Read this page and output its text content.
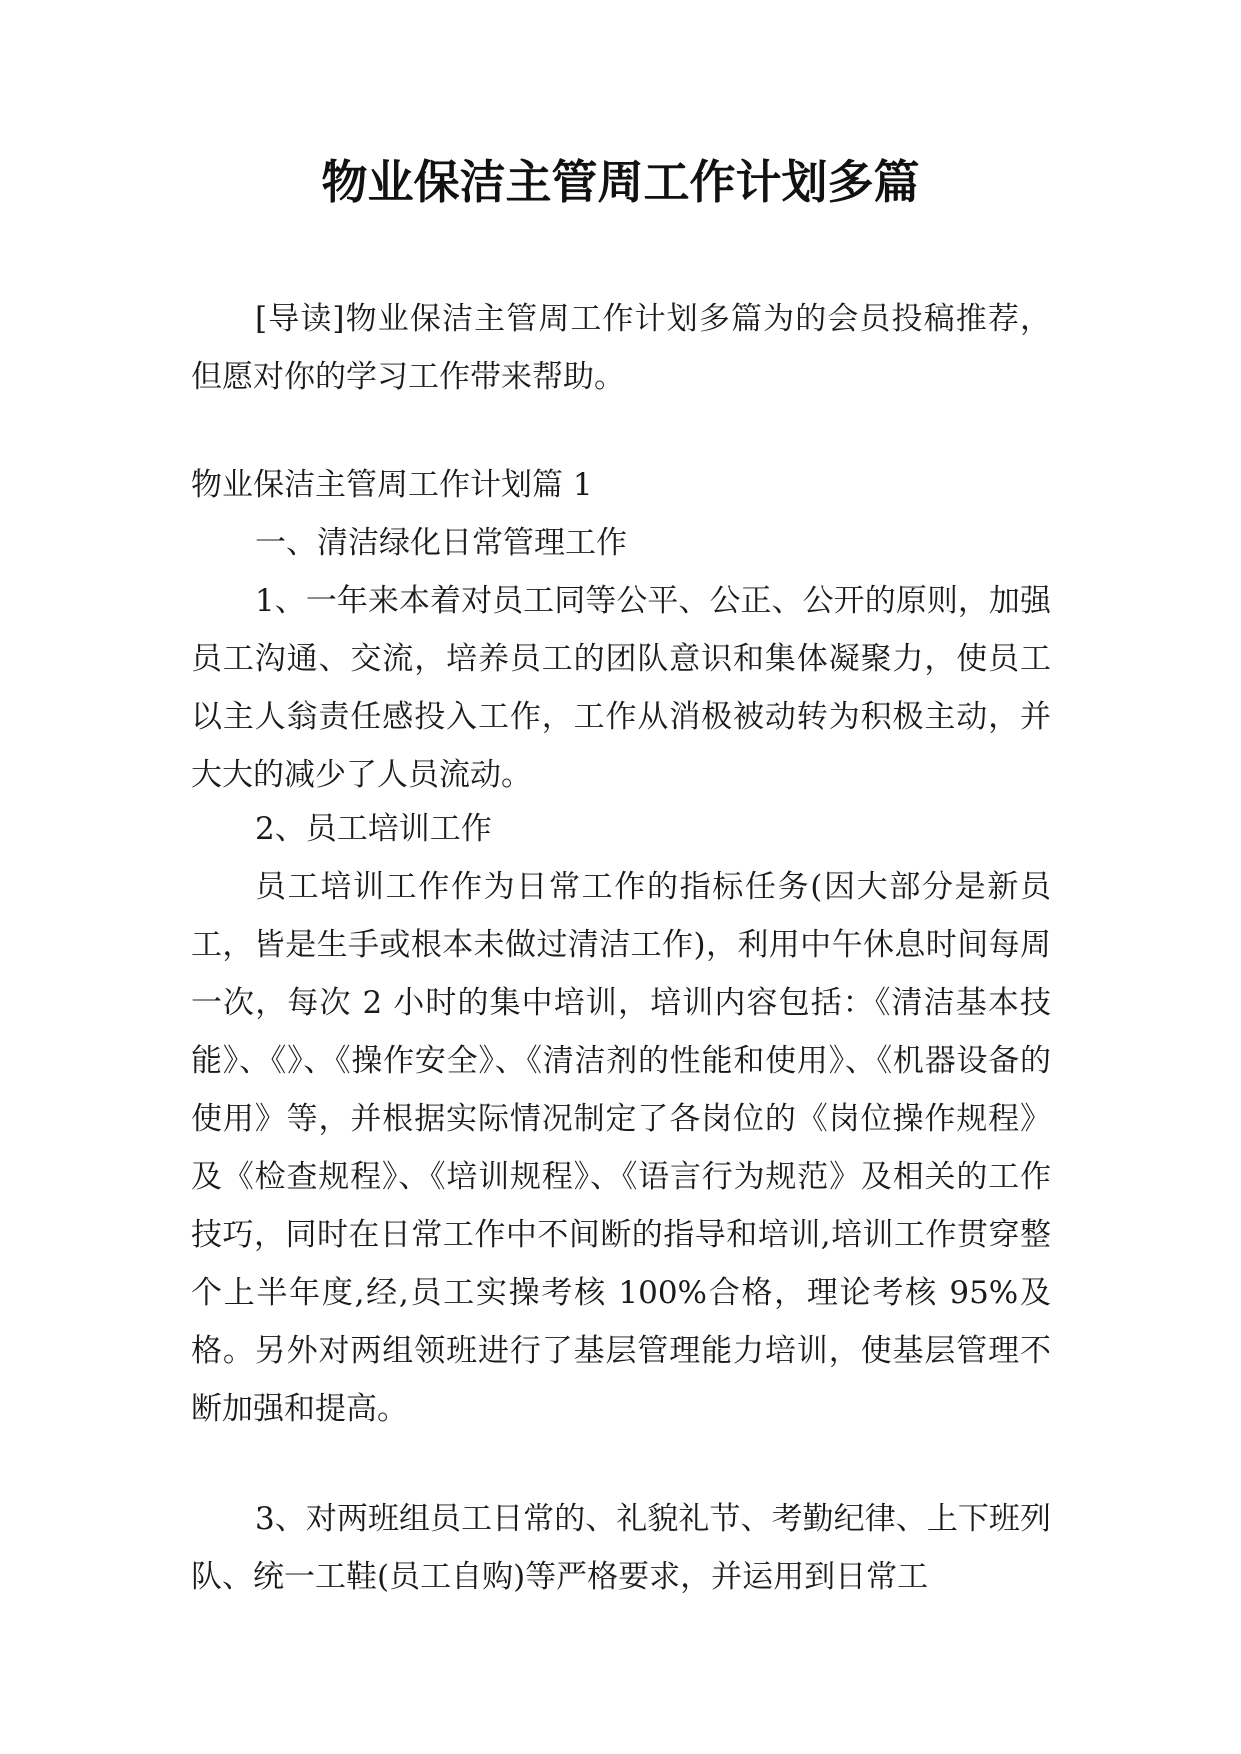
物业保洁主管周工作计划多篇

[导读]物业保洁主管周工作计划多篇为的会员投稿推荐，但愿对你的学习工作带来帮助。

物业保洁主管周工作计划篇 1

一、清洁绿化日常管理工作

1、一年来本着对员工同等公平、公正、公开的原则，加强员工沟通、交流，培养员工的团队意识和集体凝聚力，使员工以主人翁责任感投入工作，工作从消极被动转为积极主动，并大大的减少了人员流动。

2、员工培训工作

员工培训工作作为日常工作的指标任务(因大部分是新员工，皆是生手或根本未做过清洁工作)，利用中午休息时间每周一次，每次 2 小时的集中培训，培训内容包括：《清洁基本技能》、《》、《操作安全》、《清洁剂的性能和使用》、《机器设备的使用》等，并根据实际情况制定了各岗位的《岗位操作规程》及《检查规程》、《培训规程》、《语言行为规范》及相关的工作技巧，同时在日常工作中不间断的指导和培训,培训工作贯穿整个上半年度,经,员工实操考核 100%合格，理论考核 95%及格。另外对两组领班进行了基层管理能力培训，使基层管理不断加强和提高。

3、对两班组员工日常的、礼貌礼节、考勤纪律、上下班列队、统一工鞋(员工自购)等严格要求，并运用到日常工
